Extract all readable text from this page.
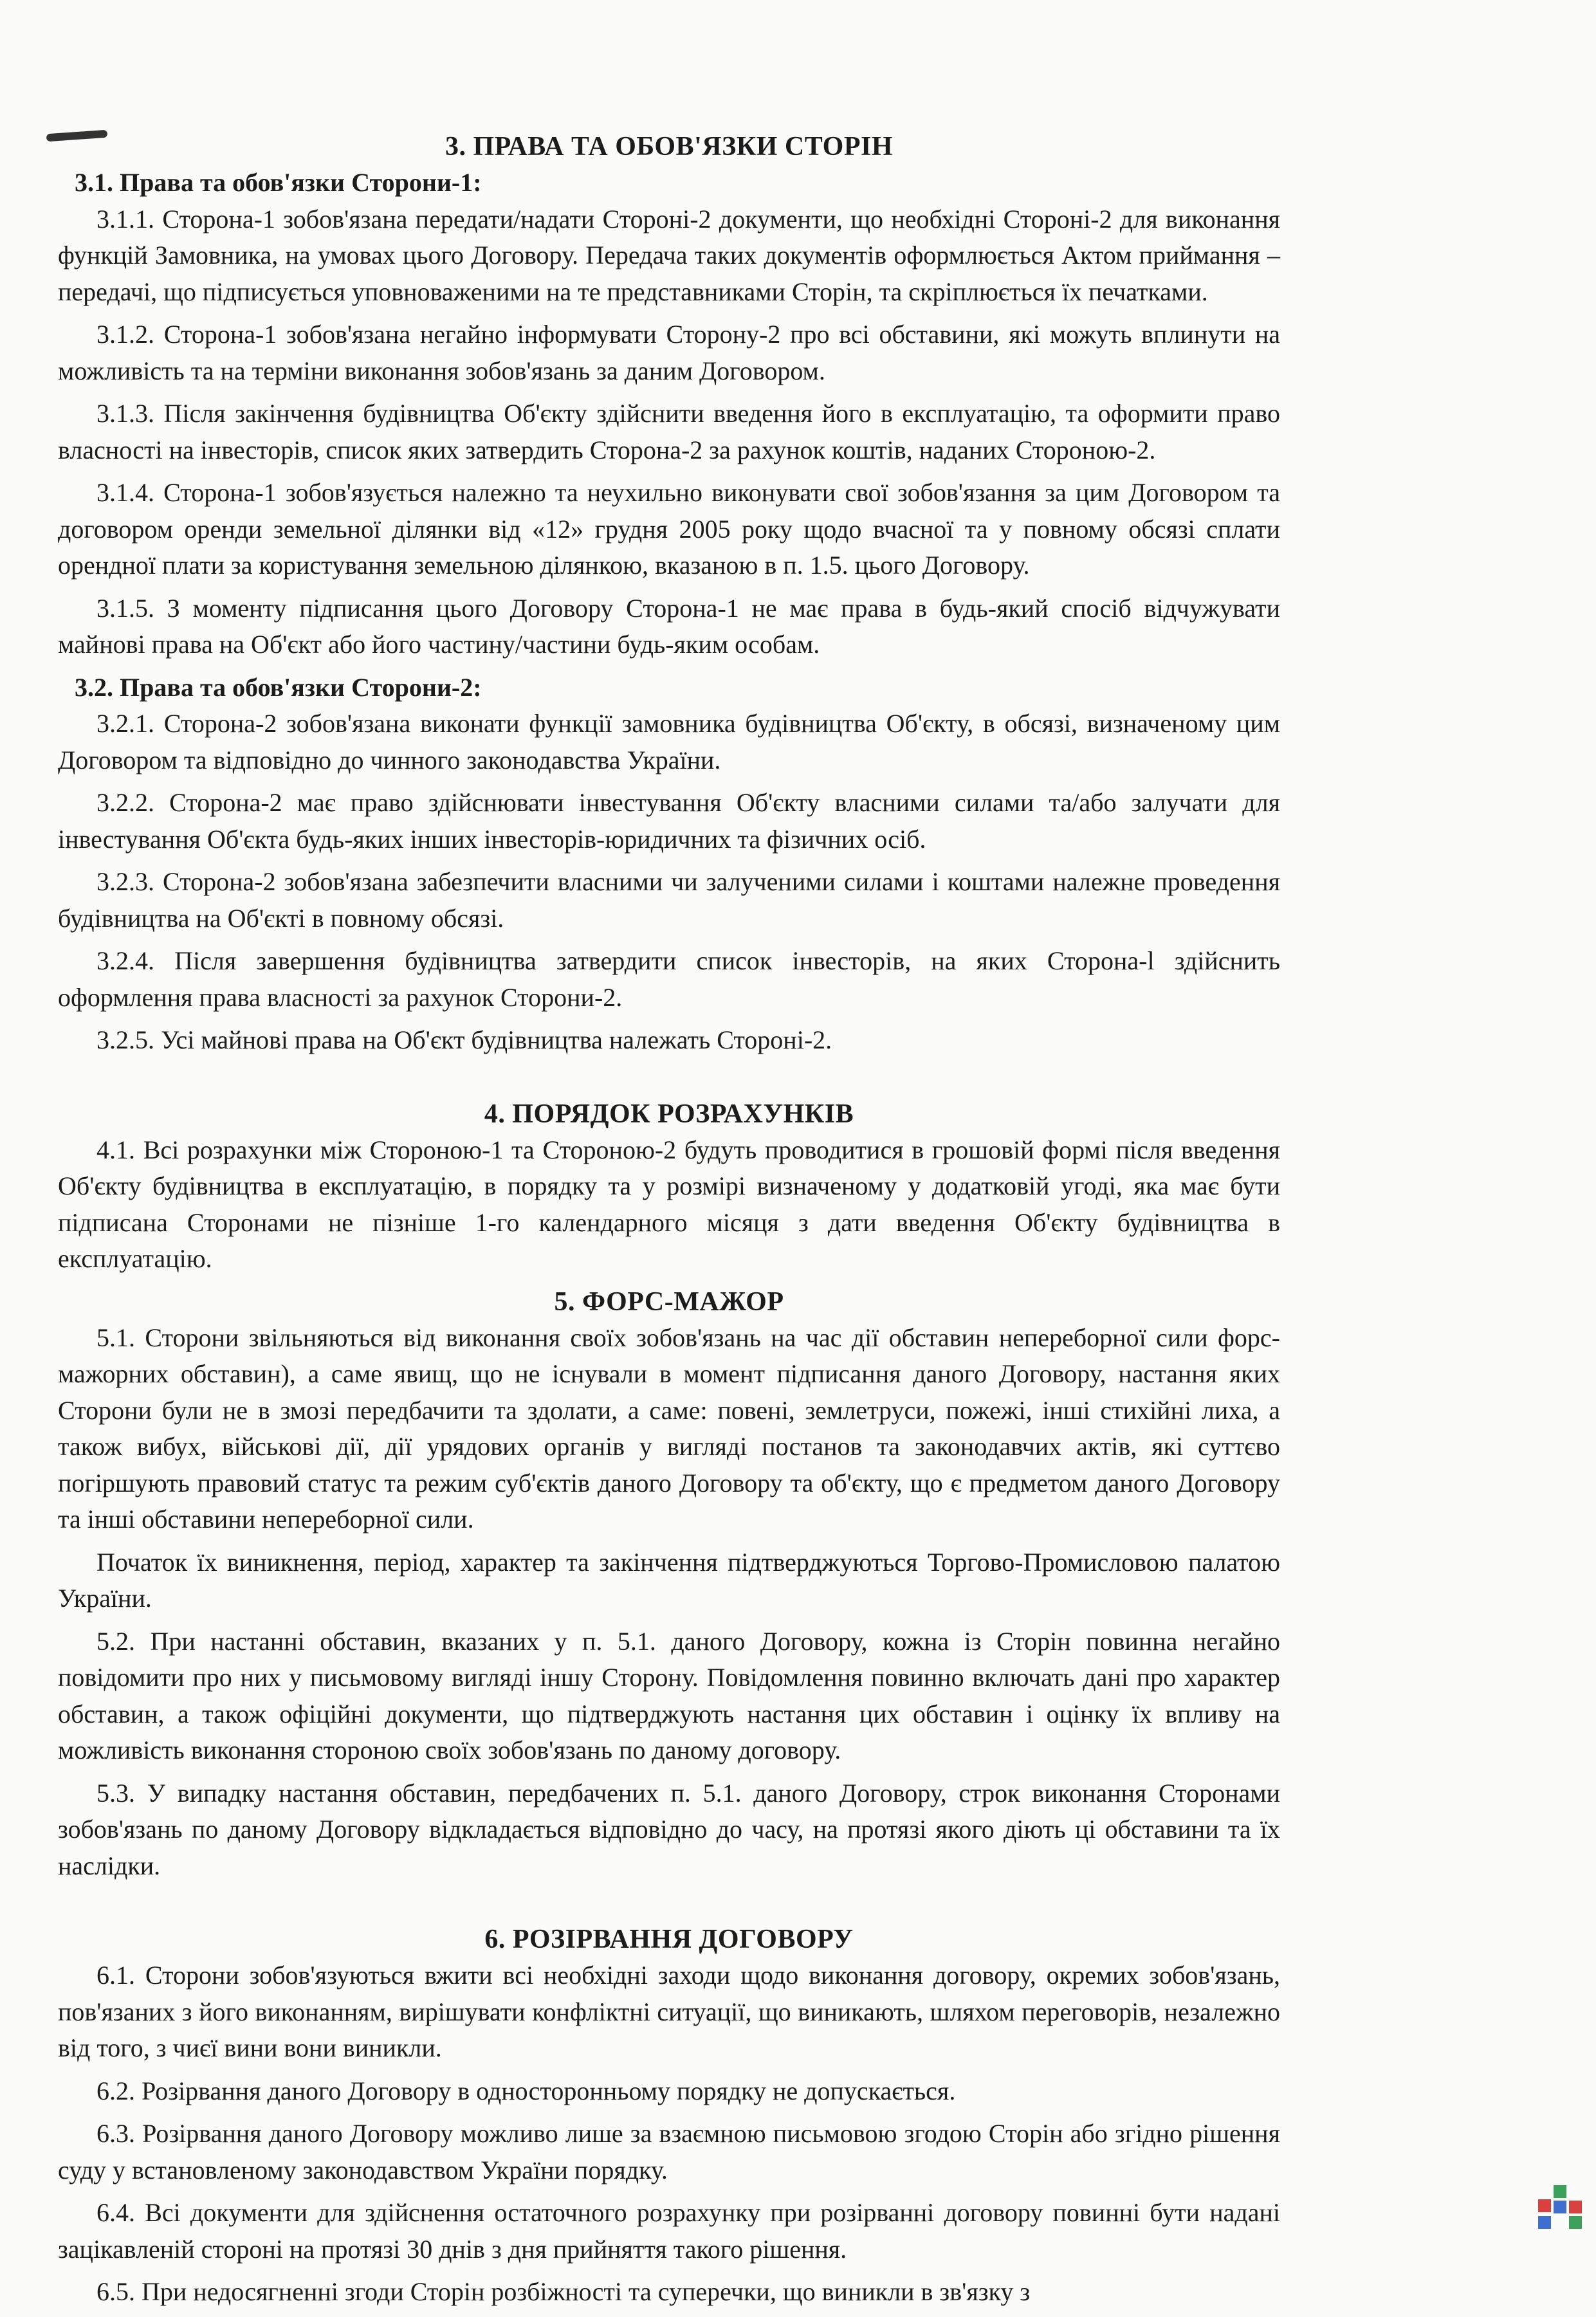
3. ПРАВА ТА ОБОВ'ЯЗКИ СТОРІН
3.1. Права та обов'язки Сторони-1:

3.1.1. Сторона-1 зобов'язана передати/надати Стороні-2 документи, що необхідні Стороні-2 для виконання функцій Замовника, на умовах цього Договору. Передача таких документів оформлюється Актом приймання – передачі, що підписується уповноваженими на те представниками Сторін, та скріплюється їх печатками.

3.1.2. Сторона-1 зобов'язана негайно інформувати Сторону-2 про всі обставини, які можуть вплинути на можливість та на терміни виконання зобов'язань за даним Договором.

3.1.3. Після закінчення будівництва Об'єкту здійснити введення його в експлуатацію, та оформити право власності на інвесторів, список яких затвердить Сторона-2 за рахунок коштів, наданих Стороною-2.

3.1.4. Сторона-1 зобов'язується належно та неухильно виконувати свої зобов'язання за цим Договором та договором оренди земельної ділянки від «12» грудня 2005 року щодо вчасної та у повному обсязі сплати орендної плати за користування земельною ділянкою, вказаною в п. 1.5. цього Договору.

3.1.5. З моменту підписання цього Договору Сторона-1 не має права в будь-який спосіб відчужувати майнові права на Об'єкт або його частину/частини будь-яким особам.

3.2. Права та обов'язки Сторони-2:

3.2.1. Сторона-2 зобов'язана виконати функції замовника будівництва Об'єкту, в обсязі, визначеному цим Договором та відповідно до чинного законодавства України.

3.2.2. Сторона-2 має право здійснювати інвестування Об'єкту власними силами та/або залучати для інвестування Об'єкта будь-яких інших інвесторів-юридичних та фізичних осіб.

3.2.3. Сторона-2 зобов'язана забезпечити власними чи залученими силами і коштами належне проведення будівництва на Об'єкті в повному обсязі.

3.2.4. Після завершення будівництва затвердити список інвесторів, на яких Сторона-l здійснить оформлення права власності за рахунок Сторони-2.

3.2.5. Усі майнові права на Об'єкт будівництва належать Стороні-2.

4. ПОРЯДОК РОЗРАХУНКІВ

4.1. Всі розрахунки між Стороною-1 та Стороною-2 будуть проводитися в грошовій формі після введення Об'єкту будівництва в експлуатацію, в порядку та у розмірі визначеному у додатковій угоді, яка має бути підписана Сторонами не пізніше 1-го календарного місяця з дати введення Об'єкту будівництва в експлуатацію.

5. ФОРС-МАЖОР

5.1. Сторони звільняються від виконання своїх зобов'язань на час дії обставин непереборної сили форс-мажорних обставин), а саме явищ, що не існували в момент підписання даного Договору, настання яких Сторони були не в змозі передбачити та здолати, а саме: повені, землетруси, пожежі, інші стихійні лиха, а також вибух, військові дії, дії урядових органів у вигляді постанов та законодавчих актів, які суттєво погіршують правовий статус та режим суб'єктів даного Договору та об'єкту, що є предметом даного Договору та інші обставини непереборної сили.

Початок їх виникнення, період, характер та закінчення підтверджуються Торгово-Промисловою палатою України.

5.2. При настанні обставин, вказаних у п. 5.1. даного Договору, кожна із Сторін повинна негайно повідомити про них у письмовому вигляді іншу Сторону. Повідомлення повинно включать дані про характер обставин, а також офіційні документи, що підтверджують настання цих обставин і оцінку їх впливу на можливість виконання стороною своїх зобов'язань по даному договору.

5.3. У випадку настання обставин, передбачених п. 5.1. даного Договору, строк виконання Сторонами зобов'язань по даному Договору відкладається відповідно до часу, на протязі якого діють ці обставини та їх наслідки.

6. РОЗІРВАННЯ ДОГОВОРУ

6.1. Сторони зобов'язуються вжити всі необхідні заходи щодо виконання договору, окремих зобов'язань, пов'язаних з його виконанням, вирішувати конфліктні ситуації, що виникають, шляхом переговорів, незалежно від того, з чиєї вини вони виникли.

6.2. Розірвання даного Договору в односторонньому порядку не допускається.

6.3. Розірвання даного Договору можливо лише за взаємною письмовою згодою Сторін або згідно рішення суду у встановленому законодавством України порядку.

6.4. Всі документи для здійснення остаточного розрахунку при розірванні договору повинні бути надані зацікавленій стороні на протязі 30 днів з дня прийняття такого рішення.

6.5. При недосягненні згоди Сторін розбіжності та суперечки, що виникли в зв'язку з
